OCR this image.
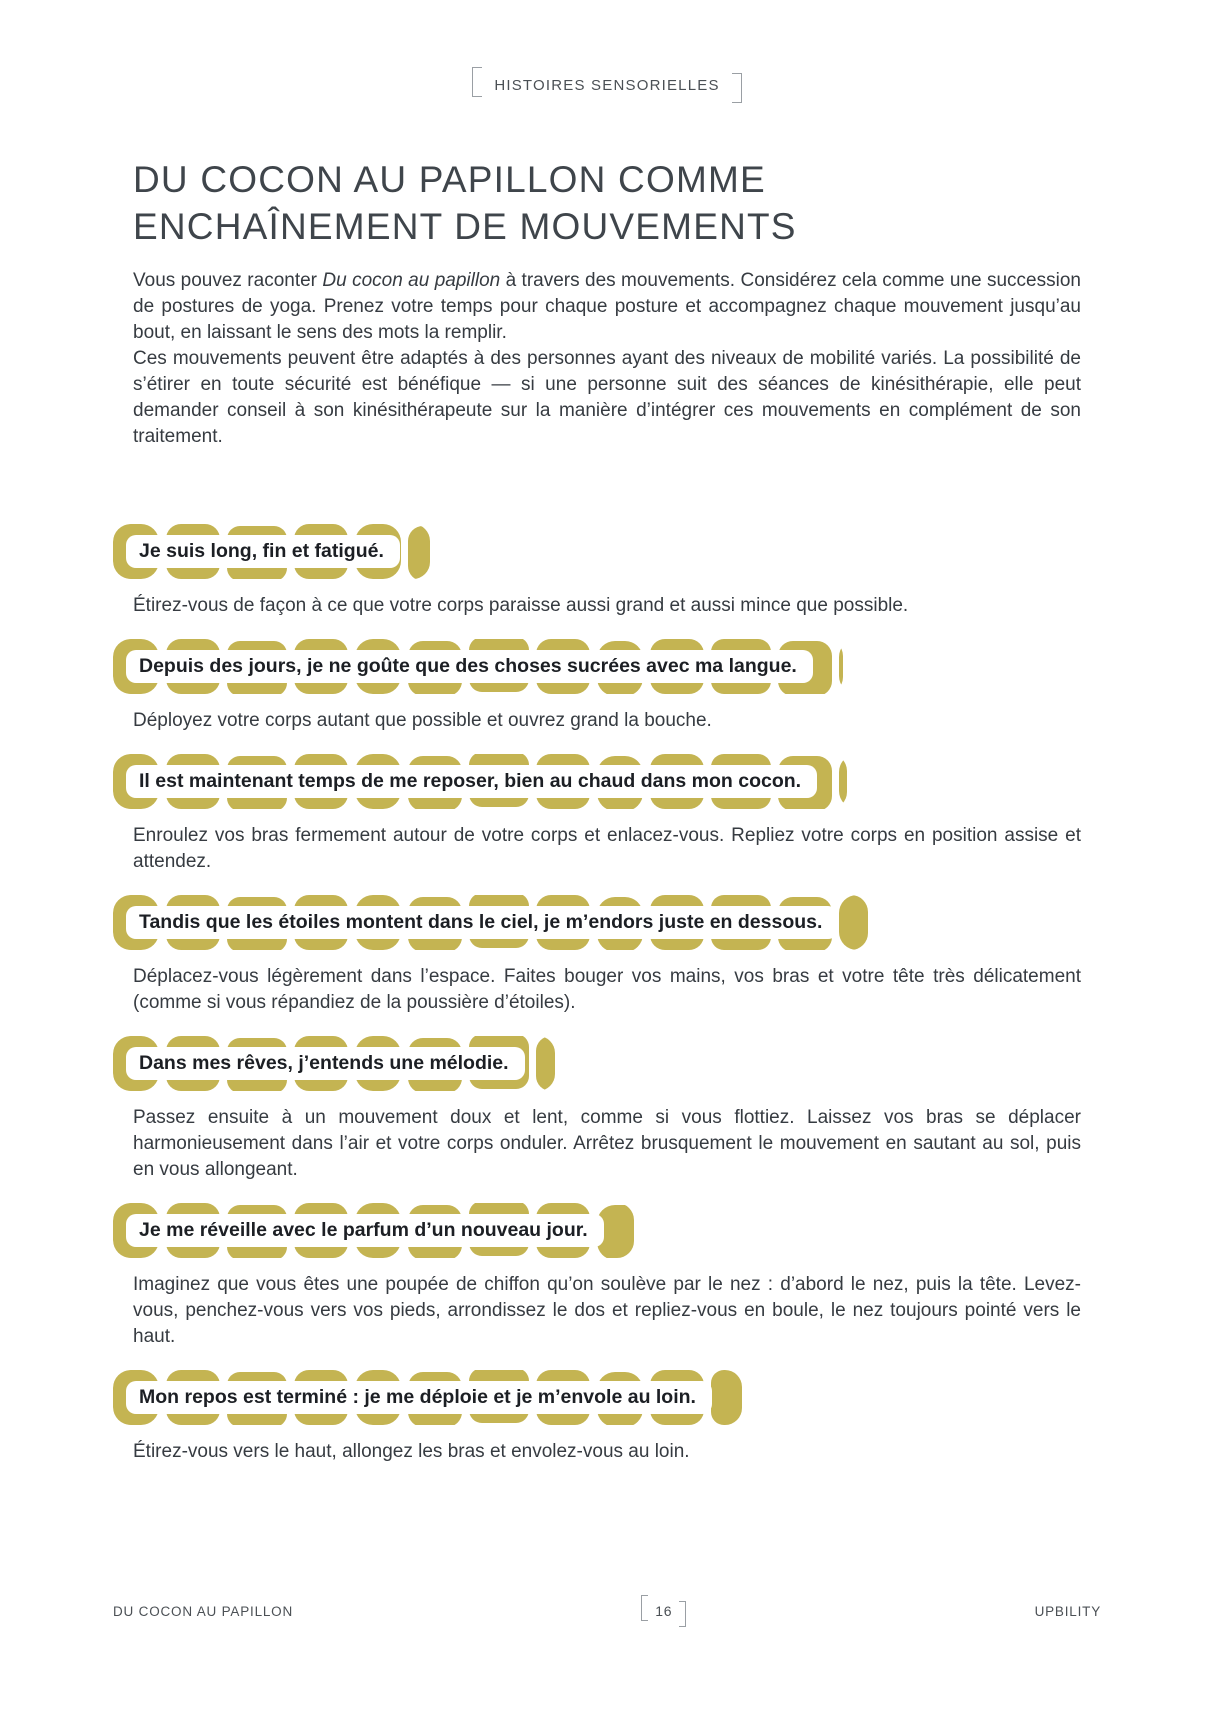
HISTOIRES SENSORIELLES
DU COCON AU PAPILLON COMME
ENCHAÎNEMENT DE MOUVEMENTS

Vous pouvez raconter Du cocon au papillon à travers des mouvements. Considérez cela comme une succession de postures de yoga. Prenez votre temps pour chaque posture et accompagnez chaque mouvement jusqu’au bout, en laissant le sens des mots la remplir.

Ces mouvements peuvent être adaptés à des personnes ayant des niveaux de mobilité variés. La possibilité de s’étirer en toute sécurité est bénéfique — si une personne suit des séances de kinésithérapie, elle peut demander conseil à son kinésithérapeute sur la manière d’intégrer ces mouvements en complément de son traitement.

Je suis long, fin et fatigué.

Étirez-vous de façon à ce que votre corps paraisse aussi grand et aussi mince que possible.

Depuis des jours, je ne goûte que des choses sucrées avec ma langue.

Déployez votre corps autant que possible et ouvrez grand la bouche.

Il est maintenant temps de me reposer, bien au chaud dans mon cocon.

Enroulez vos bras fermement autour de votre corps et enlacez-vous. Repliez votre corps en position assise et attendez.

Tandis que les étoiles montent dans le ciel, je m’endors juste en dessous.

Déplacez-vous légèrement dans l’espace. Faites bouger vos mains, vos bras et votre tête très délicatement (comme si vous répandiez de la poussière d’étoiles).

Dans mes rêves, j’entends une mélodie.

Passez ensuite à un mouvement doux et lent, comme si vous flottiez. Laissez vos bras se déplacer harmonieusement dans l’air et votre corps onduler. Arrêtez brusquement le mouvement en sautant au sol, puis en vous allongeant.

Je me réveille avec le parfum d’un nouveau jour.

Imaginez que vous êtes une poupée de chiffon qu’on soulève par le nez : d’abord le nez, puis la tête. Levez-vous, penchez-vous vers vos pieds, arrondissez le dos et repliez-vous en boule, le nez toujours pointé vers le haut.

Mon repos est terminé : je me déploie et je m’envole au loin.

Étirez-vous vers le haut, allongez les bras et envolez-vous au loin.

DU COCON AU PAPILLON	16	UPBILITY
